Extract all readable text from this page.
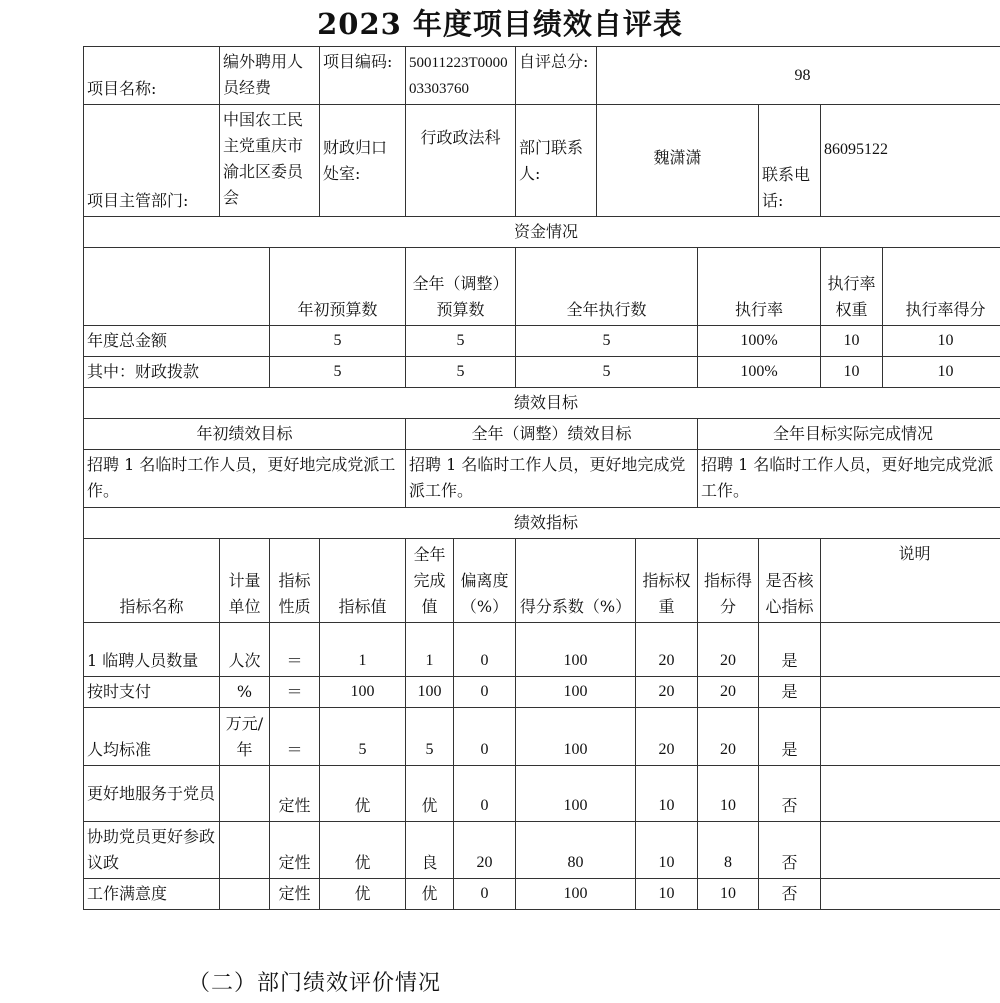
2023 年度项目绩效自评表
项目名称:	编外聘用人员经费		项目编码:	50011223T000003303760		自评总分:	98					
项目主管部门:	中国农工民主党重庆市渝北区委员会		财政归口处室:	行政政法科		部门联系人:	魏潇潇			联系电话:	86095122	
资金情况												
		年初预算数		全年（调整）预算数		全年执行数			执行率		执行率权重	执行率得分
年度总金额		5		5		5			100%		10	10
其中：财政拨款		5		5		5			100%		10	10
绩效目标												
年初绩效目标				全年（调整）绩效目标					全年目标实际完成情况			
招聘 1 名临时工作人员，更好地完成党派工作。				招聘 1 名临时工作人员，更好地完成党派工作。					招聘 1 名临时工作人员，更好地完成党派工作。			
绩效指标												
指标名称	计量单位	指标性质	指标值	全年完成值	偏离度（%）	得分系数（%）		指标权重	指标得分	是否核心指标	说明	
1 临聘人员数量	人次	＝	1	1	0	100		20	20	是		
按时支付	%	＝	100	100	0	100		20	20	是		
人均标准	万元/年	＝	5	5	0	100		20	20	是		
更好地服务于党员		定性	优	优	0	100		10	10	否		
协助党员更好参政议政		定性	优	良	20	80		10	8	否		
工作满意度		定性	优	优	0	100		10	10	否		
（二）部门绩效评价情况
